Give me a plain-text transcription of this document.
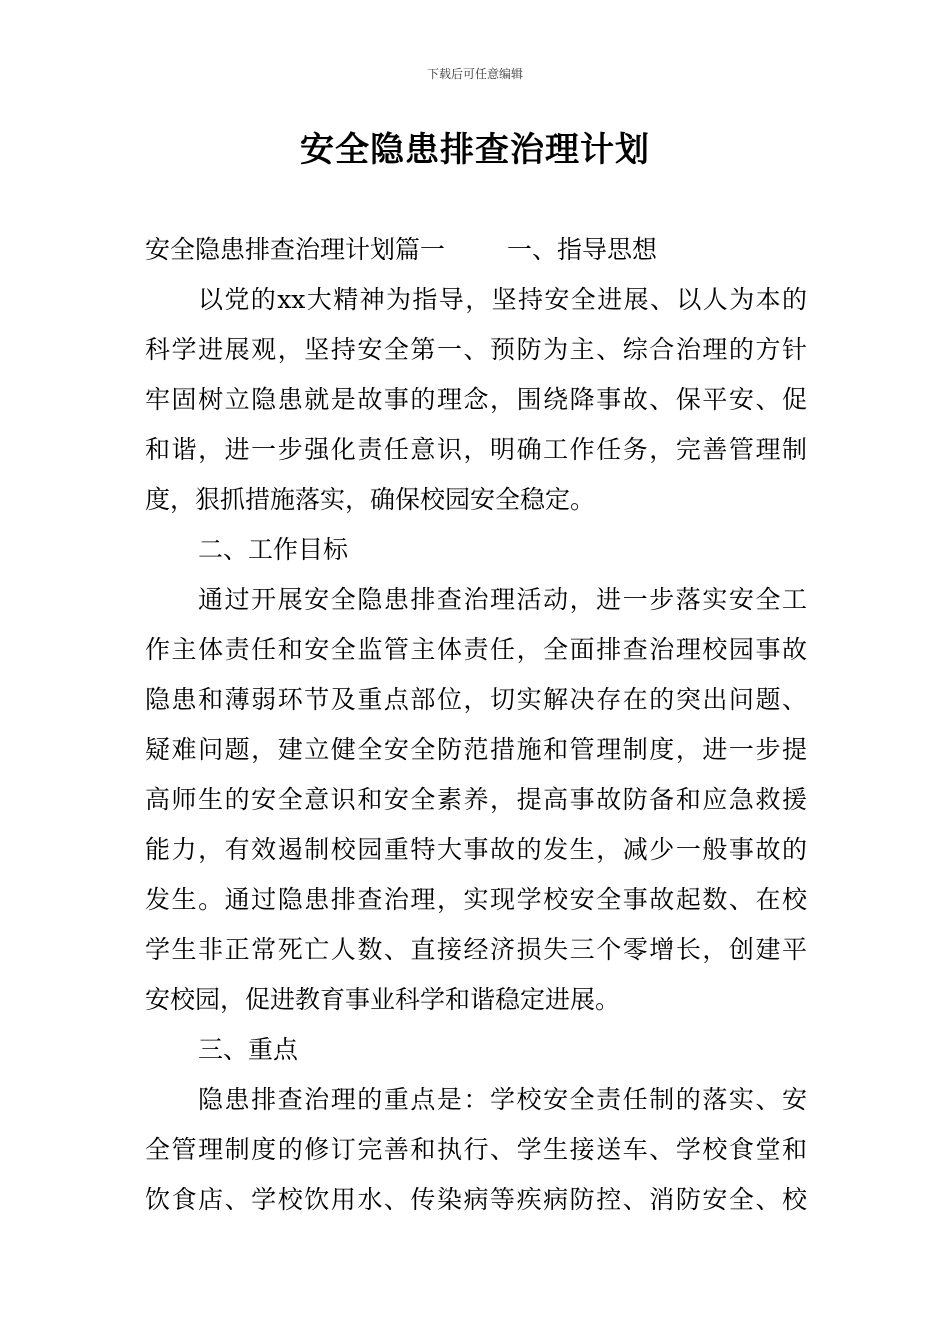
下载后可任意编辑
安全隐患排查治理计划
安全隐患排查治理计划篇一 一、指导思想
以党的xx大精神为指导，坚持安全进展、以人为本的
科学进展观，坚持安全第一、预防为主、综合治理的方针
牢固树立隐患就是故事的理念，围绕降事故、保平安、促
和谐，进一步强化责任意识，明确工作任务，完善管理制
度，狠抓措施落实，确保校园安全稳定。
二、工作目标
通过开展安全隐患排查治理活动，进一步落实安全工
作主体责任和安全监管主体责任，全面排查治理校园事故
隐患和薄弱环节及重点部位，切实解决存在的突出问题、
疑难问题，建立健全安全防范措施和管理制度，进一步提
高师生的安全意识和安全素养，提高事故防备和应急救援
能力，有效遏制校园重特大事故的发生，减少一般事故的
发生。通过隐患排查治理，实现学校安全事故起数、在校
学生非正常死亡人数、直接经济损失三个零增长，创建平
安校园，促进教育事业科学和谐稳定进展。
三、重点
隐患排查治理的重点是：学校安全责任制的落实、安
全管理制度的修订完善和执行、学生接送车、学校食堂和
饮食店、学校饮用水、传染病等疾病防控、消防安全、校
